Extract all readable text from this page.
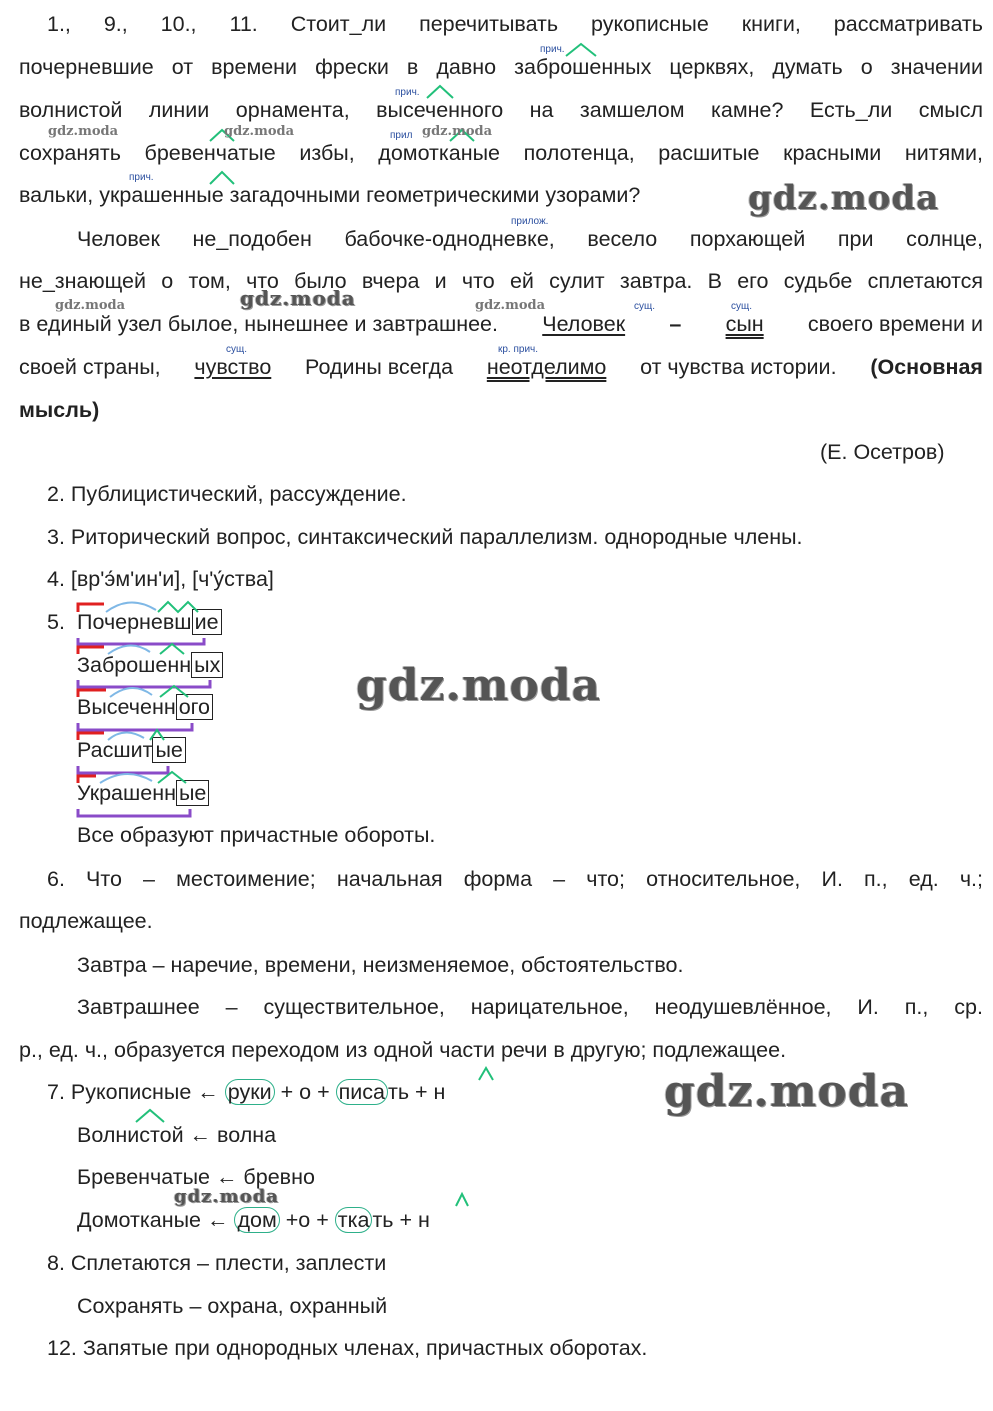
1., 9., 10., 11. Стоит_ли перечитывать рукописные книги, рассматривать
почерневшие от времени фрески в давно заброшенных церквях, думать о значении
волнистой линии орнамента, высеченного на замшелом камне? Есть_ли смысл
сохранять бревенчатые избы, домотканые полотенца, расшитые красными нитями,
вальки, украшенные загадочными геометрическими узорами?
Человек не_подобен бабочке-однодневке, весело порхающей при солнце,
не_знающей о том, что было вчера и что ей сулит завтра. В его судьбе сплетаются
в единый узел былое, нынешнее и завтрашнее. Человек – сын своего времени и
своей страны, чувство Родины всегда неотделимо от чувства истории. (Основная
мысль)
(Е. Осетров)
прич.
прич.
прич.
прил
прилож.
сущ.	сущ.
сущ.	кр. прич.
2. Публицистический, рассуждение.
3. Риторический вопрос, синтаксический параллелизм. однородные члены.
4. [вр'э́м'ин'и], [ч'у́ства]
5. Почерневш ие
Заброшенн ых
Высеченн ого
Расшит ые
Украшенн ые
Все образуют причастные обороты.
6. Что – местоимение; начальная форма – что; относительное, И. п., ед. ч.;
подлежащее.
Завтра – наречие, времени, неизменяемое, обстоятельство.
Завтрашнее – существительное, нарицательное, неодушевлённое, И. п., ср.
р., ед. ч., образуется переходом из одной части речи в другую; подлежащее.
7. Рукописные ← руки + о + писа ть + н
Волнистой ← волна
Бревенчатые ← бревно
Домотканые ← дом +о + тка ть + н
8. Сплетаются – плести, заплести
Сохранять – охрана, охранный
12. Запятые при однородных членах, причастных оборотах.
gdz.moda	gdz.moda	gdz.moda
gdz.moda	gdz.moda
gdz.moda
gdz.moda
gdz.moda
gdz.moda
gdz.moda
